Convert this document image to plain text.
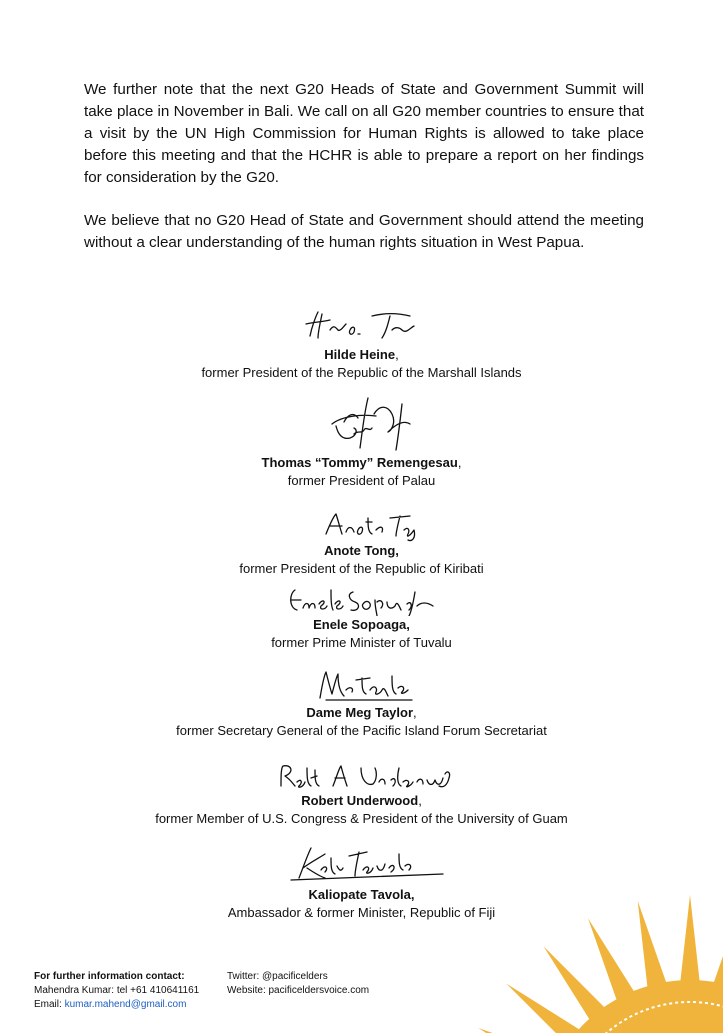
We further note that the next G20 Heads of State and Government Summit will take place in November in Bali. We call on all G20 member countries to ensure that a visit by the UN High Commission for Human Rights is allowed to take place before this meeting and that the HCHR is able to prepare a report on her findings for consideration by the G20.

We believe that no G20 Head of State and Government should attend the meeting without a clear understanding of the human rights situation in West Papua.

Hilde Heine,
former President of the Republic of the Marshall Islands
Thomas “Tommy” Remengesau,
former President of Palau
Anote Tong,
former President of the Republic of Kiribati
Enele Sopoaga,
former Prime Minister of Tuvalu
Dame Meg Taylor,
former Secretary General of the Pacific Island Forum Secretariat
Robert Underwood,
former Member of U.S. Congress & President of the University of Guam
Kaliopate Tavola,
Ambassador & former Minister, Republic of Fiji
For further information contact:
Mahendra Kumar: tel +61 410641161
Email: kumar.mahend@gmail.com
Twitter: @pacificelders
Website: pacificeldersvoice.com
